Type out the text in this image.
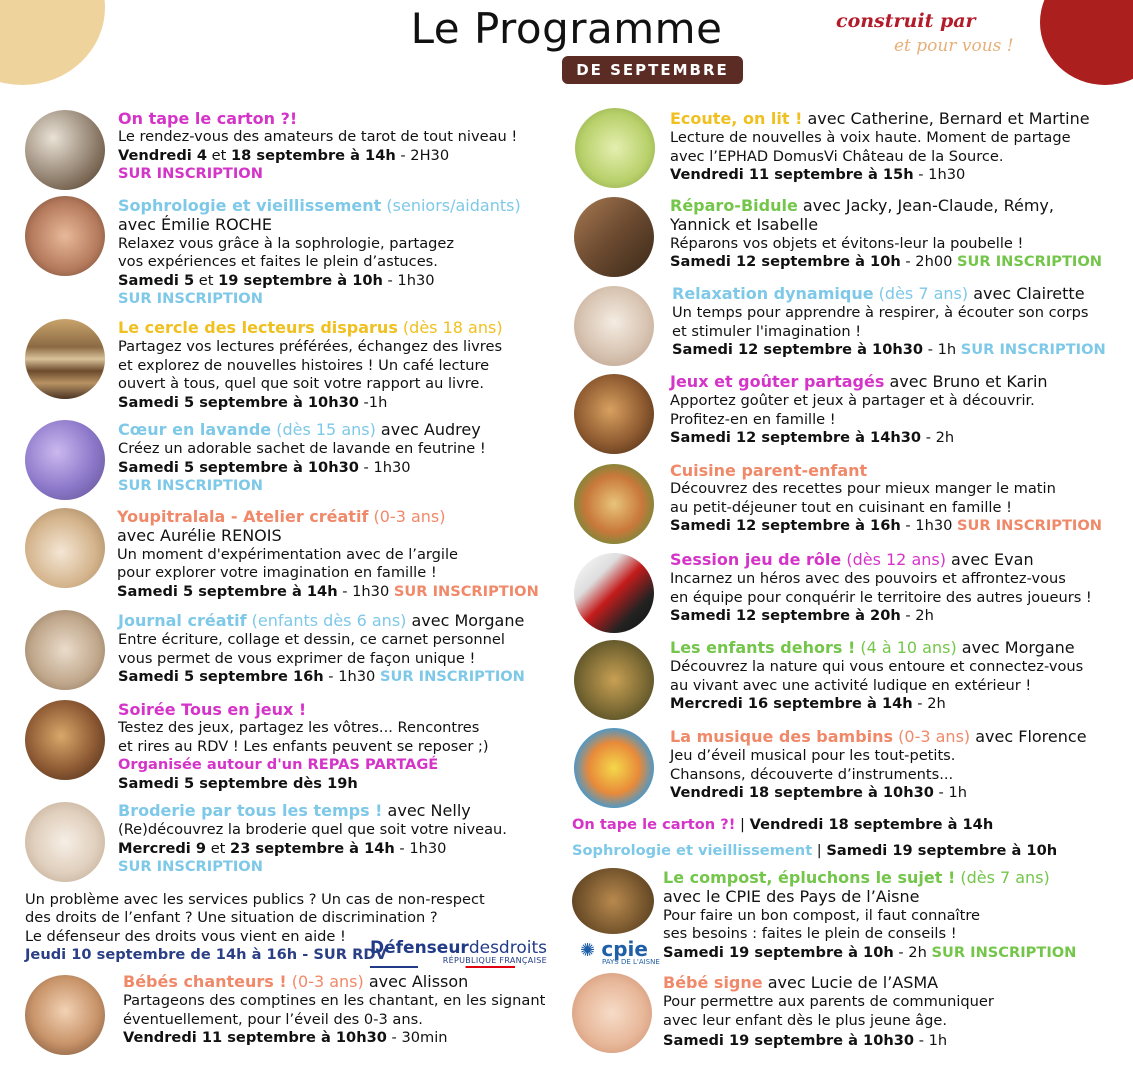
Le Programme
DE SEPTEMBRE
construit par
et pour vous !
On tape le carton ?!
Le rendez-vous des amateurs de tarot de tout niveau !
Vendredi 4 et 18 septembre à 14h - 2H30
SUR INSCRIPTION
Sophrologie et vieillissement (seniors/aidants)
avec Émilie ROCHE
Relaxez vous grâce à la sophrologie, partagez
vos expériences et faites le plein d’astuces.
Samedi 5 et 19 septembre à 10h - 1h30
SUR INSCRIPTION
Le cercle des lecteurs disparus (dès 18 ans)
Partagez vos lectures préférées, échangez des livres
et explorez de nouvelles histoires ! Un café lecture
ouvert à tous, quel que soit votre rapport au livre.
Samedi 5 septembre à 10h30 -1h
Cœur en lavande (dès 15 ans) avec Audrey
Créez un adorable sachet de lavande en feutrine !
Samedi 5 septembre à 10h30 - 1h30
SUR INSCRIPTION
Youpitralala - Atelier créatif (0-3 ans)
avec Aurélie RENOIS
Un moment d'expérimentation avec de l’argile
pour explorer votre imagination en famille !
Samedi 5 septembre à 14h - 1h30 SUR INSCRIPTION
Journal créatif (enfants dès 6 ans) avec Morgane
Entre écriture, collage et dessin, ce carnet personnel
vous permet de vous exprimer de façon unique !
Samedi 5 septembre 16h - 1h30 SUR INSCRIPTION
Soirée Tous en jeux !
Testez des jeux, partagez les vôtres... Rencontres
et rires au RDV ! Les enfants peuvent se reposer ;)
Organisée autour d'un REPAS PARTAGÉ
Samedi 5 septembre dès 19h
Broderie par tous les temps ! avec Nelly
(Re)découvrez la broderie quel que soit votre niveau.
Mercredi 9 et 23 septembre à 14h - 1h30
SUR INSCRIPTION
Un problème avec les services publics ? Un cas de non-respect
des droits de l’enfant ? Une situation de discrimination ?
Le défenseur des droits vous vient en aide !
Jeudi 10 septembre de 14h à 16h - SUR RDV
Défenseurdesdroits
RÉPUBLIQUE FRANÇAISE
Bébés chanteurs ! (0-3 ans) avec Alisson
Partageons des comptines en les chantant, en les signant
éventuellement, pour l’éveil des 0-3 ans.
Vendredi 11 septembre à 10h30 - 30min
Ecoute, on lit ! avec Catherine, Bernard et Martine
Lecture de nouvelles à voix haute. Moment de partage
avec l’EPHAD DomusVi Château de la Source.
Vendredi 11 septembre à 15h - 1h30
Réparo-Bidule avec Jacky, Jean-Claude, Rémy,
Yannick et Isabelle
Réparons vos objets et évitons-leur la poubelle !
Samedi 12 septembre à 10h - 2h00 SUR INSCRIPTION
Relaxation dynamique (dès 7 ans) avec Clairette
Un temps pour apprendre à respirer, à écouter son corps
et stimuler l'imagination !
Samedi 12 septembre à 10h30 - 1h SUR INSCRIPTION
Jeux et goûter partagés avec Bruno et Karin
Apportez goûter et jeux à partager et à découvrir.
Profitez-en en famille !
Samedi 12 septembre à 14h30 - 2h
Cuisine parent-enfant
Découvrez des recettes pour mieux manger le matin
au petit-déjeuner tout en cuisinant en famille !
Samedi 12 septembre à 16h - 1h30 SUR INSCRIPTION
Session jeu de rôle (dès 12 ans) avec Evan
Incarnez un héros avec des pouvoirs et affrontez-vous
en équipe pour conquérir le territoire des autres joueurs !
Samedi 12 septembre à 20h - 2h
Les enfants dehors ! (4 à 10 ans) avec Morgane
Découvrez la nature qui vous entoure et connectez-vous
au vivant avec une activité ludique en extérieur !
Mercredi 16 septembre à 14h - 2h
La musique des bambins (0-3 ans) avec Florence
Jeu d’éveil musical pour les tout-petits.
Chansons, découverte d’instruments...
Vendredi 18 septembre à 10h30 - 1h
On tape le carton ?! | Vendredi 18 septembre à 14h
Sophrologie et vieillissement | Samedi 19 septembre à 10h
✺ cpie
PAYS DE L'AISNE
Le compost, épluchons le sujet ! (dès 7 ans)
avec le CPIE des Pays de l’Aisne
Pour faire un bon compost, il faut connaître
ses besoins : faites le plein de conseils !
Samedi 19 septembre à 10h - 2h SUR INSCRIPTION
Bébé signe avec Lucie de l’ASMA
Pour permettre aux parents de communiquer
avec leur enfant dès le plus jeune âge.
Samedi 19 septembre à 10h30 - 1h
